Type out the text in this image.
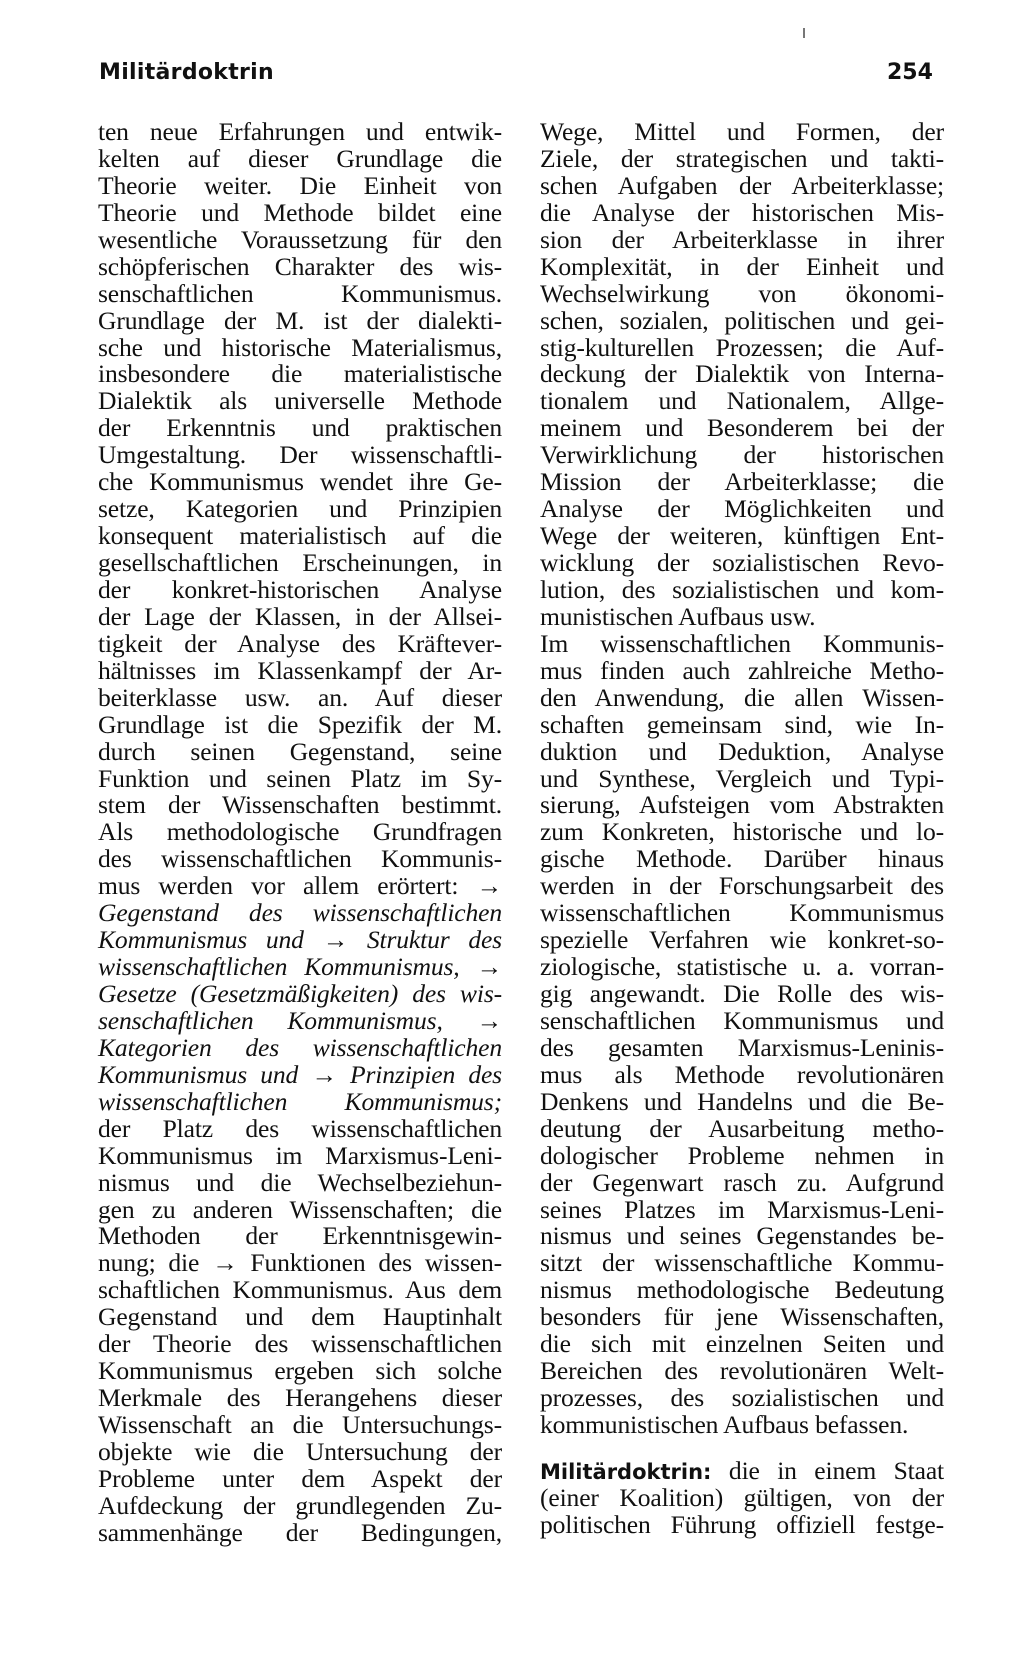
Militärdoktrin	254
ten neue Erfahrungen und entwik-
kelten auf dieser Grundlage die
Theorie weiter. Die Einheit von
Theorie und Methode bildet eine
wesentliche Voraussetzung für den
schöpferischen Charakter des wis-
senschaftlichen Kommunismus.
Grundlage der M. ist der dialekti-
sche und historische Materialismus,
insbesondere die materialistische
Dialektik als universelle Methode
der Erkenntnis und praktischen
Umgestaltung. Der wissenschaftli-
che Kommunismus wendet ihre Ge-
setze, Kategorien und Prinzipien
konsequent materialistisch auf die
gesellschaftlichen Erscheinungen, in
der konkret-historischen Analyse
der Lage der Klassen, in der Allsei-
tigkeit der Analyse des Kräftever-
hältnisses im Klassenkampf der Ar-
beiterklasse usw. an. Auf dieser
Grundlage ist die Spezifik der M.
durch seinen Gegenstand, seine
Funktion und seinen Platz im Sy-
stem der Wissenschaften bestimmt.
Als methodologische Grundfragen
des wissenschaftlichen Kommunis-
mus werden vor allem erörtert: →
Gegenstand des wissenschaftlichen
Kommunismus und → Struktur des
wissenschaftlichen Kommunismus, →
Gesetze (Gesetzmäßigkeiten) des wis-
senschaftlichen Kommunismus, →
Kategorien des wissenschaftlichen
Kommunismus und → Prinzipien des
wissenschaftlichen Kommunismus;
der Platz des wissenschaftlichen
Kommunismus im Marxismus-Leni-
nismus und die Wechselbeziehun-
gen zu anderen Wissenschaften; die
Methoden der Erkenntnisgewin-
nung; die → Funktionen des wissen-
schaftlichen Kommunismus. Aus dem
Gegenstand und dem Hauptinhalt
der Theorie des wissenschaftlichen
Kommunismus ergeben sich solche
Merkmale des Herangehens dieser
Wissenschaft an die Untersuchungs-
objekte wie die Untersuchung der
Probleme unter dem Aspekt der
Aufdeckung der grundlegenden Zu-
sammenhänge der Bedingungen,
Wege, Mittel und Formen, der
Ziele, der strategischen und takti-
schen Aufgaben der Arbeiterklasse;
die Analyse der historischen Mis-
sion der Arbeiterklasse in ihrer
Komplexität, in der Einheit und
Wechselwirkung von ökonomi-
schen, sozialen, politischen und gei-
stig-kulturellen Prozessen; die Auf-
deckung der Dialektik von Interna-
tionalem und Nationalem, Allge-
meinem und Besonderem bei der
Verwirklichung der historischen
Mission der Arbeiterklasse; die
Analyse der Möglichkeiten und
Wege der weiteren, künftigen Ent-
wicklung der sozialistischen Revo-
lution, des sozialistischen und kom-
munistischen Aufbaus usw.
Im wissenschaftlichen Kommunis-
mus finden auch zahlreiche Metho-
den Anwendung, die allen Wissen-
schaften gemeinsam sind, wie In-
duktion und Deduktion, Analyse
und Synthese, Vergleich und Typi-
sierung, Aufsteigen vom Abstrakten
zum Konkreten, historische und lo-
gische Methode. Darüber hinaus
werden in der Forschungsarbeit des
wissenschaftlichen Kommunismus
spezielle Verfahren wie konkret-so-
ziologische, statistische u. a. vorran-
gig angewandt. Die Rolle des wis-
senschaftlichen Kommunismus und
des gesamten Marxismus-Leninis-
mus als Methode revolutionären
Denkens und Handelns und die Be-
deutung der Ausarbeitung metho-
dologischer Probleme nehmen in
der Gegenwart rasch zu. Aufgrund
seines Platzes im Marxismus-Leni-
nismus und seines Gegenstandes be-
sitzt der wissenschaftliche Kommu-
nismus methodologische Bedeutung
besonders für jene Wissenschaften,
die sich mit einzelnen Seiten und
Bereichen des revolutionären Welt-
prozesses, des sozialistischen und
kommunistischen Aufbaus befassen.
Militärdoktrin: die in einem Staat
(einer Koalition) gültigen, von der
politischen Führung offiziell festge-
